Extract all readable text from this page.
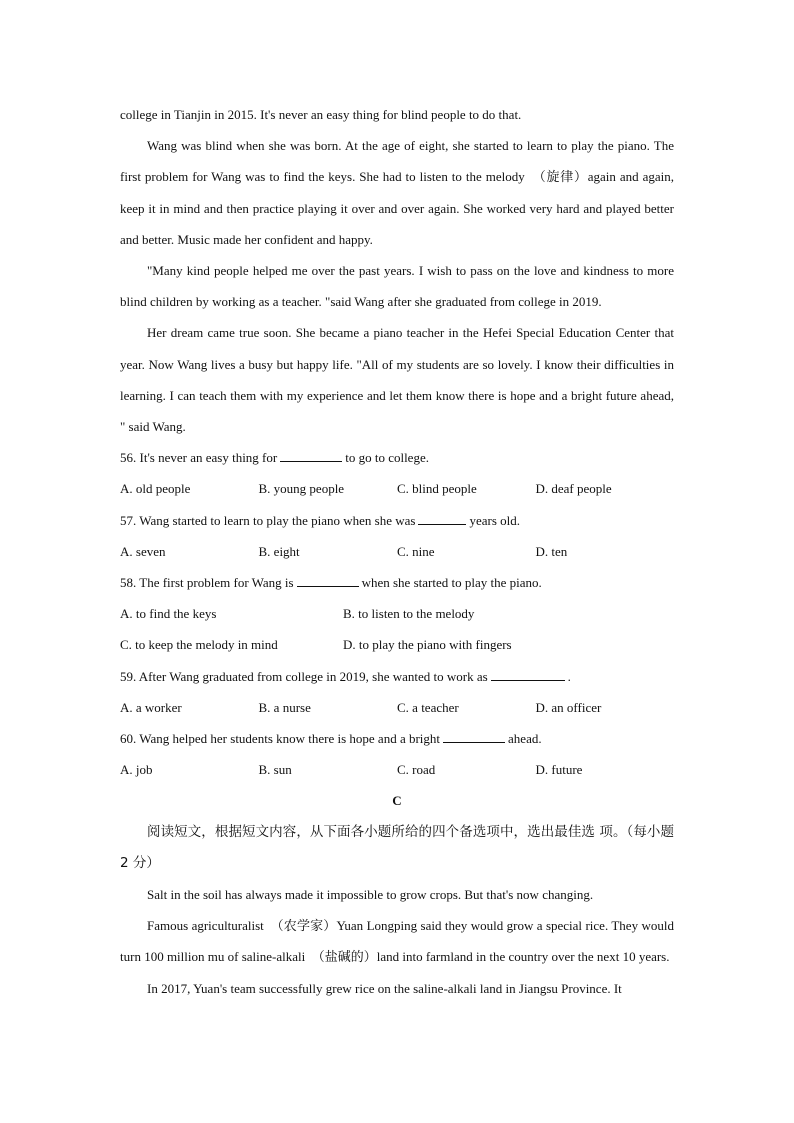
college in Tianjin in 2015. It's never an easy thing for blind people to do that.

Wang was blind when she was born. At the age of eight, she started to learn to play the piano. The first problem for Wang was to find the keys. She had to listen to the melody  （旋律）again and again, keep it in mind and then practice playing it over and over again. She worked very hard and played better and better. Music made her confident and happy.

"Many kind people helped me over the past years. I wish to pass on the love and kindness to more blind children by working as a teacher. "said Wang after she graduated from college in 2019.

Her dream came true soon. She became a piano teacher in the Hefei Special Education Center that year. Now Wang lives a busy but happy life. "All of my students are so lovely. I know their difficulties in learning. I can teach them with my experience and let them know there is hope and a bright future ahead, " said Wang.

56. It's never an easy thing for	to go to college.

A. old people	B. young people	C. blind people	D. deaf people

57. Wang started to learn to play the piano when she was	years old.

A. seven	B. eight	C. nine	D. ten

58. The first problem for Wang is	when she started to play the piano.

A. to find the keys	B. to listen to the melody
C. to keep the melody in mind	D. to play the piano with fingers

59. After Wang graduated from college in 2019, she wanted to work as	.

A. a worker	B. a nurse	C. a teacher	D. an officer

60. Wang helped her students know there is hope and a bright	ahead.

A. job	B. sun	C. road	D. future

C

阅读短文，根据短文内容，从下面各小题所给的四个备选项中，选出最佳选 项。（每小题 2 分）

Salt in the soil has always made it impossible to grow crops. But that's now changing.

Famous agriculturalist  （农学家）Yuan Longping said they would grow a special rice. They would turn 100 million mu of saline-alkali  （盐碱的）land into farmland in the country over the next 10 years.

In 2017, Yuan's team successfully grew rice on the saline-alkali land in Jiangsu Province. It
